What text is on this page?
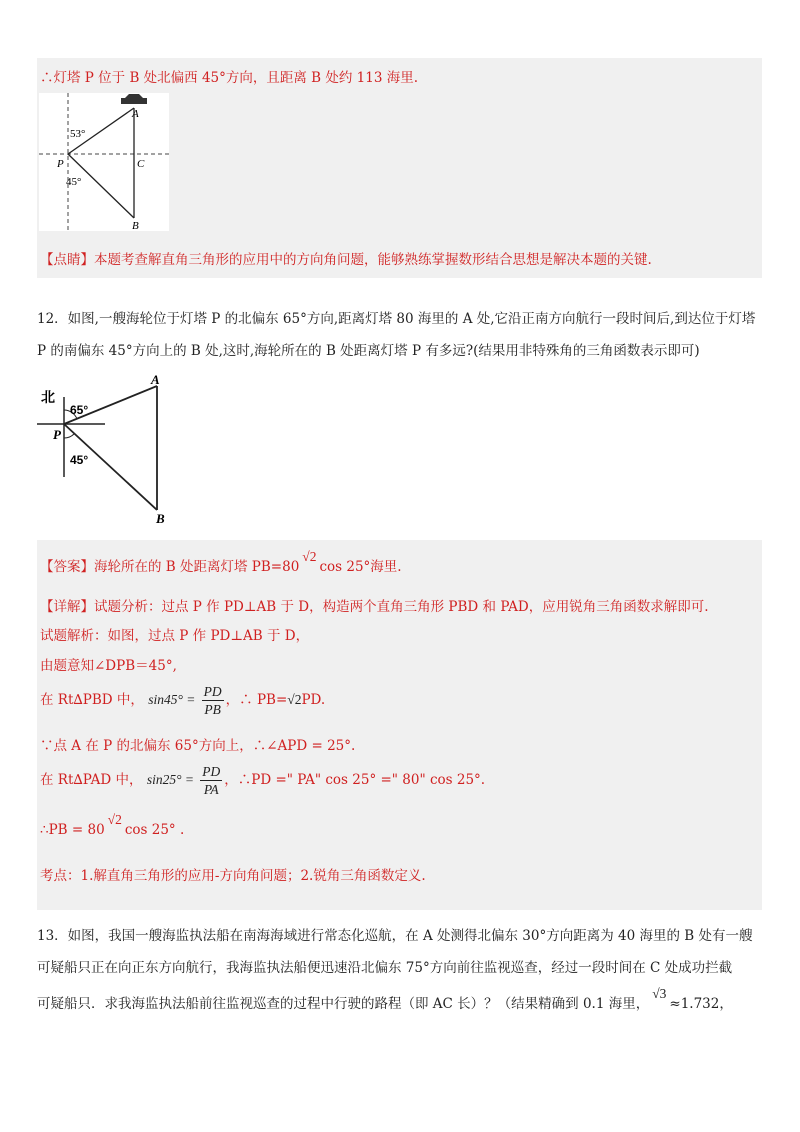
∴灯塔 P 位于 B 处北偏西 45°方向，且距离 B 处约 113 海里.
53°
45°
A
C
P
B
【点睛】本题考查解直角三角形的应用中的方向角问题，能够熟练掌握数形结合思想是解决本题的关键.
12．如图,一艘海轮位于灯塔 P 的北偏东 65°方向,距离灯塔 80 海里的 A 处,它沿正南方向航行一段时间后,到达位于灯塔
P 的南偏东 45°方向上的 B 处,这时,海轮所在的 B 处距离灯塔 P 有多远?(结果用非特殊角的三角函数表示即可)
北
65°
45°
A
P
B
【答案】海轮所在的 B 处距离灯塔 PB=80√2cos 25°海里.
【详解】试题分析：过点 P 作 PD⊥AB 于 D，构造两个直角三角形 PBD 和 PAD，应用锐角三角函数求解即可.
试题解析：如图，过点 P 作 PD⊥AB 于 D，
由题意知∠DPB＝45°,
在 Rt∆PBD 中， $\sin 45^\circ = \frac{PD}{PB}$ ，∴ PB=√2PD.
∵点 A 在 P 的北偏东 65°方向上，∴∠APD = 25°.
在 Rt∆PAD 中， $\sin 25^\circ = \frac{PD}{PA}$ ，∴PD =" PA" cos 25° =" 80" cos 25°.
∴PB = 80√2cos 25° .
考点：1.解直角三角形的应用-方向角问题；2.锐角三角函数定义.
13．如图，我国一艘海监执法船在南海海域进行常态化巡航，在 A 处测得北偏东 30°方向距离为 40 海里的 B 处有一艘
可疑船只正在向正东方向航行，我海监执法船便迅速沿北偏东 75°方向前往监视巡查，经过一段时间在 C 处成功拦截
可疑船只．求我海监执法船前往监视巡查的过程中行驶的路程（即 AC 长）？（结果精确到 0.1 海里，√3≈1.732，
